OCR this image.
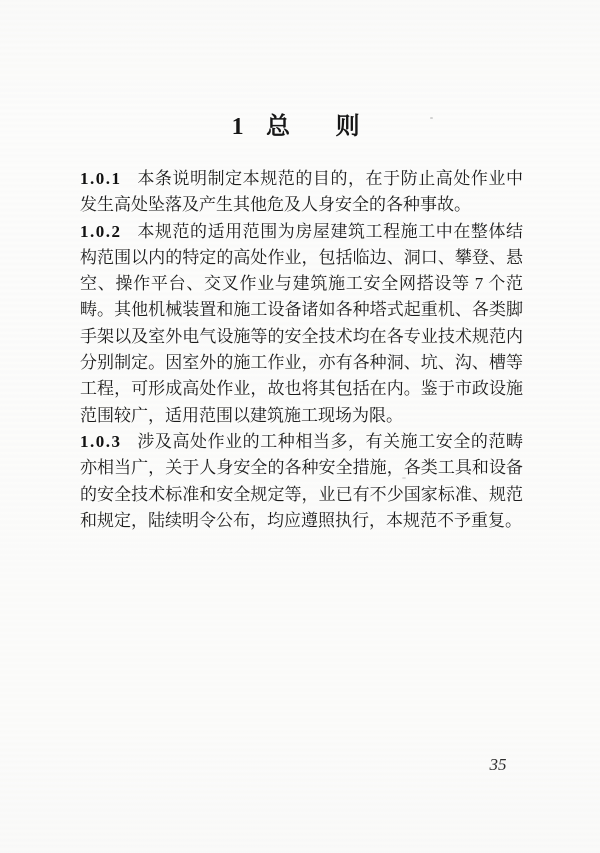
1 总　则

1.0.1 本条说明制定本规范的目的，在于防止高处作业中发生高处坠落及产生其他危及人身安全的各种事故。

1.0.2 本规范的适用范围为房屋建筑工程施工中在整体结构范围以内的特定的高处作业，包括临边、洞口、攀登、悬空、操作平台、交叉作业与建筑施工安全网搭设等 7 个范畴。其他机械装置和施工设备诸如各种塔式起重机、各类脚手架以及室外电气设施等的安全技术均在各专业技术规范内分别制定。因室外的施工作业，亦有各种洞、坑、沟、槽等工程，可形成高处作业，故也将其包括在内。鉴于市政设施范围较广，适用范围以建筑施工现场为限。

1.0.3 涉及高处作业的工种相当多，有关施工安全的范畴亦相当广，关于人身安全的各种安全措施，各类工具和设备的安全技术标准和安全规定等，业已有不少国家标准、规范和规定，陆续明令公布，均应遵照执行，本规范不予重复。

35
